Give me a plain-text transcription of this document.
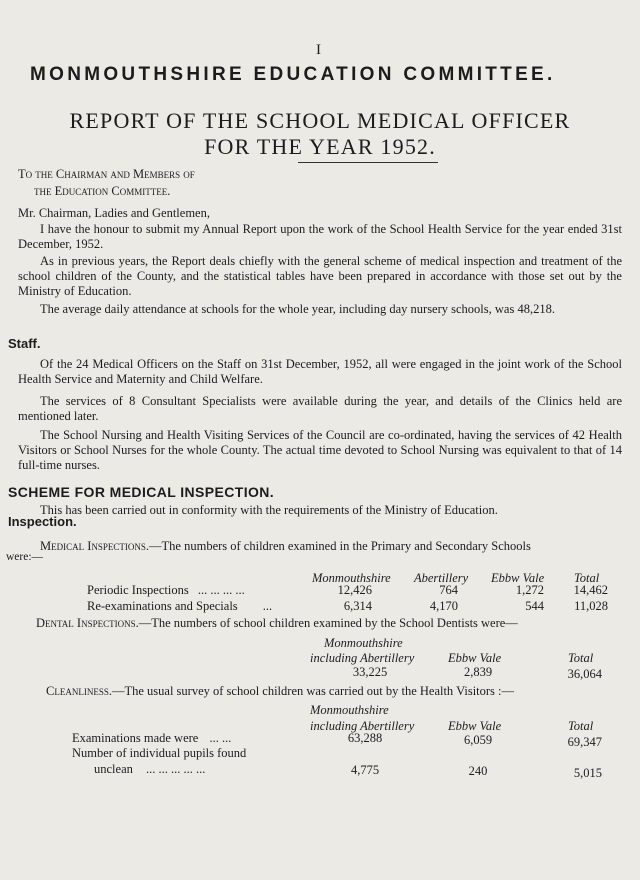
I
MONMOUTHSHIRE EDUCATION COMMITTEE.
REPORT OF THE SCHOOL MEDICAL OFFICER
FOR THE YEAR 1952.
To the Chairman and Members of
the Education Committee.
Mr. Chairman, Ladies and Gentlemen,
I have the honour to submit my Annual Report upon the work of the School Health Service for the year ended 31st December, 1952.
As in previous years, the Report deals chiefly with the general scheme of medical inspection and treatment of the school children of the County, and the statistical tables have been prepared in accordance with those set out by the Ministry of Education.
The average daily attendance at schools for the whole year, including day nursery schools, was 48,218.
Staff.
Of the 24 Medical Officers on the Staff on 31st December, 1952, all were engaged in the joint work of the School Health Service and Maternity and Child Welfare.
The services of 8 Consultant Specialists were available during the year, and details of the Clinics held are mentioned later.
The School Nursing and Health Visiting Services of the Council are co-ordinated, having the services of 42 Health Visitors or School Nurses for the whole County. The actual time devoted to School Nursing was equivalent to that of 14 full-time nurses.
SCHEME FOR MEDICAL INSPECTION.
This has been carried out in conformity with the requirements of the Ministry of Education.
Inspection.
Medical Inspections.—The numbers of children examined in the Primary and Secondary Schools
were:—
Monmouthshire Abertillery Ebbw Vale Total
Periodic Inspections ... ... ... ...	12,426	764	1,272	14,462
Re-examinations and Specials ...	6,314	4,170	544	11,028
Dental Inspections.—The numbers of school children examined by the School Dentists were—
Monmouthshire
including Abertillery	Ebbw Vale	Total
33,225	2,839	36,064
Cleanliness.—The usual survey of school children was carried out by the Health Visitors :—
Monmouthshire
including Abertillery	Ebbw Vale	Total
Examinations made were ... ...	63,288	6,059	69,347
Number of individual pupils found
unclean ... ... ... ... ...	4,775	240	5,015
